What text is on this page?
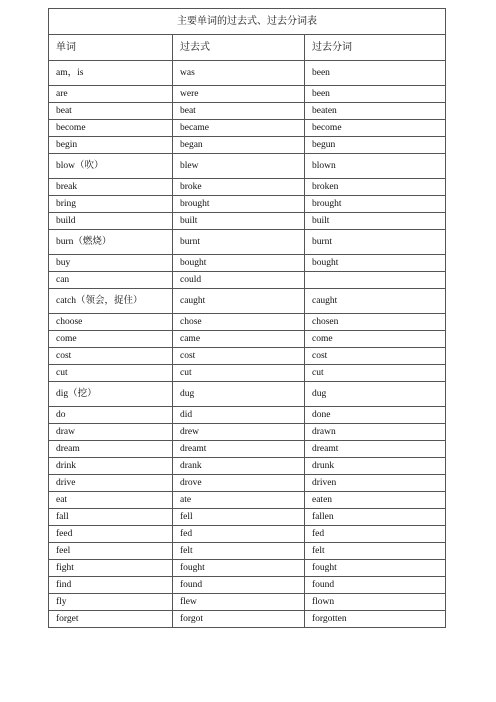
主要单词的过去式、过去分词表		
单词	过去式	过去分词
am，is	was	been
are	were	been
beat	beat	beaten
become	became	become
begin	began	begun
blow（吹）	blew	blown
break	broke	broken
bring	brought	brought
build	built	built
burn（燃烧）	burnt	burnt
buy	bought	bought
can	could	
catch（领会，捉住）	caught	caught
choose	chose	chosen
come	came	come
cost	cost	cost
cut	cut	cut
dig（挖）	dug	dug
do	did	done
draw	drew	drawn
dream	dreamt	dreamt
drink	drank	drunk
drive	drove	driven
eat	ate	eaten
fall	fell	fallen
feed	fed	fed
feel	felt	felt
fight	fought	fought
find	found	found
fly	flew	flown
forget	forgot	forgotten
